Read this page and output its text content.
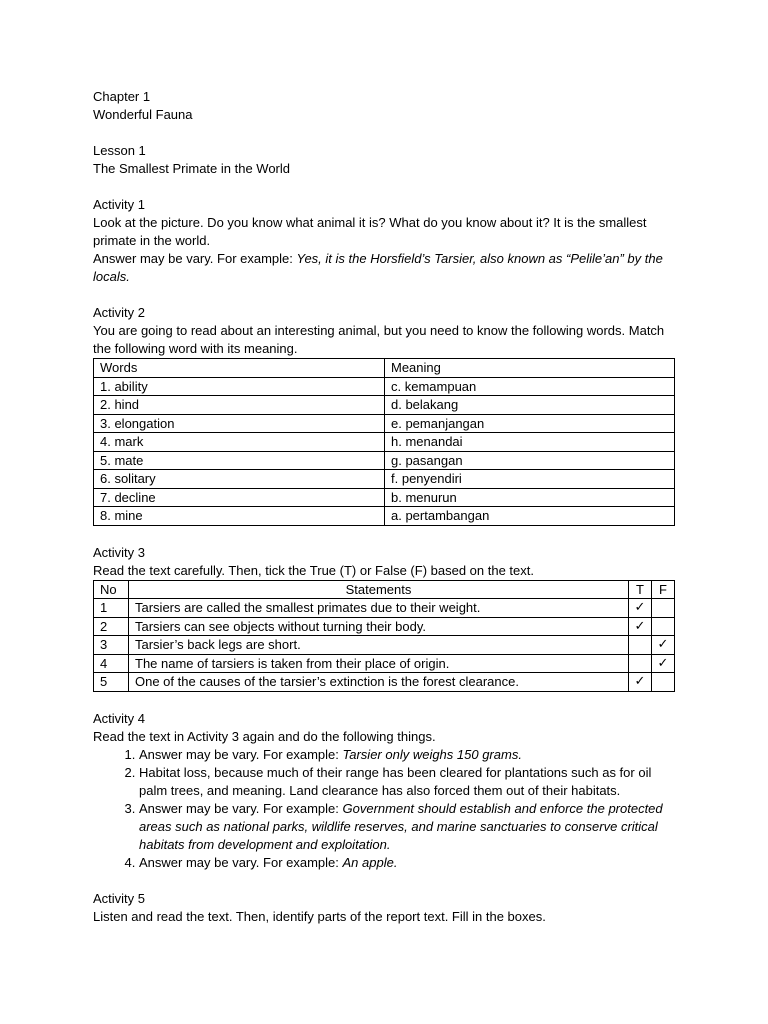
Chapter 1
Wonderful Fauna
Lesson 1
The Smallest Primate in the World
Activity 1
Look at the picture. Do you know what animal it is? What do you know about it? It is the smallest primate in the world.
Answer may be vary. For example: Yes, it is the Horsfield’s Tarsier, also known as “Pelile’an” by the locals.
Activity 2
You are going to read about an interesting animal, but you need to know the following words. Match the following word with its meaning.
Words	Meaning
1. ability	c. kemampuan
2. hind	d. belakang
3. elongation	e. pemanjangan
4. mark	h. menandai
5. mate	g. pasangan
6. solitary	f. penyendiri
7. decline	b. menurun
8. mine	a. pertambangan
Activity 3
Read the text carefully. Then, tick the True (T) or False (F) based on the text.
No	Statements	T	F
1	Tarsiers are called the smallest primates due to their weight.	✓	
2	Tarsiers can see objects without turning their body.	✓	
3	Tarsier’s back legs are short.		✓
4	The name of tarsiers is taken from their place of origin.		✓
5	One of the causes of the tarsier’s extinction is the forest clearance.	✓	
Activity 4
Read the text in Activity 3 again and do the following things.
1. Answer may be vary. For example: Tarsier only weighs 150 grams.
2. Habitat loss, because much of their range has been cleared for plantations such as for oil palm trees, and meaning. Land clearance has also forced them out of their habitats.
3. Answer may be vary. For example: Government should establish and enforce the protected areas such as national parks, wildlife reserves, and marine sanctuaries to conserve critical habitats from development and exploitation.
4. Answer may be vary. For example: An apple.
Activity 5
Listen and read the text. Then, identify parts of the report text. Fill in the boxes.
